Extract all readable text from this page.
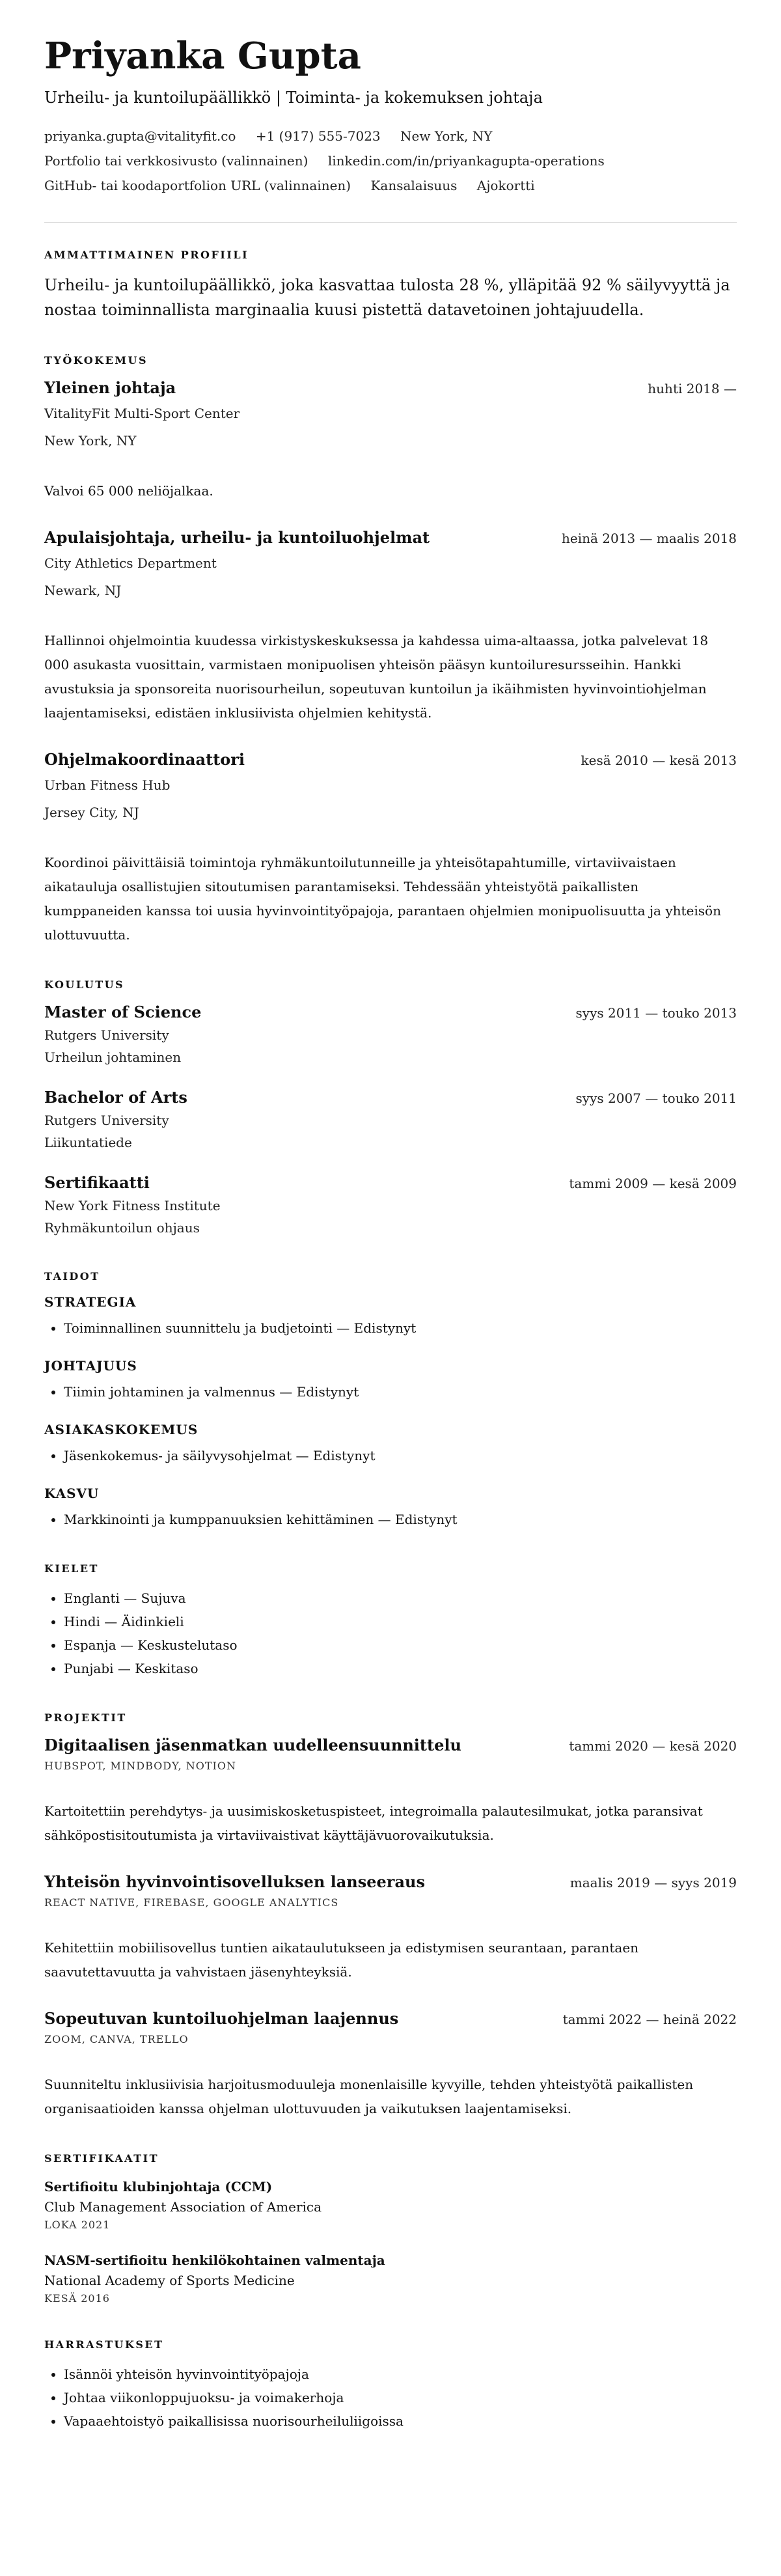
Priyanka Gupta
Urheilu- ja kuntoilupäällikkö | Toiminta- ja kokemuksen johtaja
priyanka.gupta@vitalityfit.co +1 (917) 555-7023 New York, NY
Portfolio tai verkkosivusto (valinnainen) linkedin.com/in/priyankagupta-operations
GitHub- tai koodaportfolion URL (valinnainen) Kansalaisuus Ajokortti
AMMATTIMAINEN PROFIILI

Urheilu- ja kuntoilupäällikkö, joka kasvattaa tulosta 28 %, ylläpitää 92 % säilyvyyttä ja nostaa toiminnallista marginaalia kuusi pistettä datavetoinen johtajuudella.

TYÖKOKEMUS
Yleinen johtaja	huhti 2018 —
VitalityFit Multi-Sport Center
New York, NY

Valvoi 65 000 neliöjalkaa.

Apulaisjohtaja, urheilu- ja kuntoiluohjelmat	heinä 2013 — maalis 2018
City Athletics Department
Newark, NJ

Hallinnoi ohjelmointia kuudessa virkistyskeskuksessa ja kahdessa uima-altaassa, jotka palvelevat 18 000 asukasta vuosittain, varmistaen monipuolisen yhteisön pääsyn kuntoiluresursseihin. Hankki avustuksia ja sponsoreita nuorisourheilun, sopeutuvan kuntoilun ja ikäihmisten hyvinvointiohjelman laajentamiseksi, edistäen inklusiivista ohjelmien kehitystä.

Ohjelmakoordinaattori	kesä 2010 — kesä 2013
Urban Fitness Hub
Jersey City, NJ

Koordinoi päivittäisiä toimintoja ryhmäkuntoilutunneille ja yhteisötapahtumille, virtaviivaistaen aikatauluja osallistujien sitoutumisen parantamiseksi. Tehdessään yhteistyötä paikallisten kumppaneiden kanssa toi uusia hyvinvointityöpajoja, parantaen ohjelmien monipuolisuutta ja yhteisön ulottuvuutta.

KOULUTUS
Master of Science	syys 2011 — touko 2013
Rutgers University
Urheilun johtaminen
Bachelor of Arts	syys 2007 — touko 2011
Rutgers University
Liikuntatiede
Sertifikaatti	tammi 2009 — kesä 2009
New York Fitness Institute
Ryhmäkuntoilun ohjaus
TAIDOT
STRATEGIA
• Toiminnallinen suunnittelu ja budjetointi — Edistynyt
JOHTAJUUS
• Tiimin johtaminen ja valmennus — Edistynyt
ASIAKASKOKEMUS
• Jäsenkokemus- ja säilyvysohjelmat — Edistynyt
KASVU
• Markkinointi ja kumppanuuksien kehittäminen — Edistynyt
KIELET
• Englanti — Sujuva
• Hindi — Äidinkieli
• Espanja — Keskustelutaso
• Punjabi — Keskitaso
PROJEKTIT
Digitaalisen jäsenmatkan uudelleensuunnittelu	tammi 2020 — kesä 2020
HUBSPOT, MINDBODY, NOTION

Kartoitettiin perehdytys- ja uusimiskosketuspisteet, integroimalla palautesilmukat, jotka paransivat sähköpostisitoutumista ja virtaviivaistivat käyttäjävuorovaikutuksia.

Yhteisön hyvinvointisovelluksen lanseeraus	maalis 2019 — syys 2019
REACT NATIVE, FIREBASE, GOOGLE ANALYTICS

Kehitettiin mobiilisovellus tuntien aikataulutukseen ja edistymisen seurantaan, parantaen saavutettavuutta ja vahvistaen jäsenyhteyksiä.

Sopeutuvan kuntoiluohjelman laajennus	tammi 2022 — heinä 2022
ZOOM, CANVA, TRELLO

Suunniteltu inklusiivisia harjoitusmoduuleja monenlaisille kyvyille, tehden yhteistyötä paikallisten organisaatioiden kanssa ohjelman ulottuvuuden ja vaikutuksen laajentamiseksi.

SERTIFIKAATIT
Sertifioitu klubinjohtaja (CCM)
Club Management Association of America
LOKA 2021
NASM-sertifioitu henkilökohtainen valmentaja
National Academy of Sports Medicine
KESÄ 2016
HARRASTUKSET
• Isännöi yhteisön hyvinvointityöpajoja
• Johtaa viikonloppujuoksu- ja voimakerhoja
• Vapaaehtoistyö paikallisissa nuorisourheiluliigoissa
